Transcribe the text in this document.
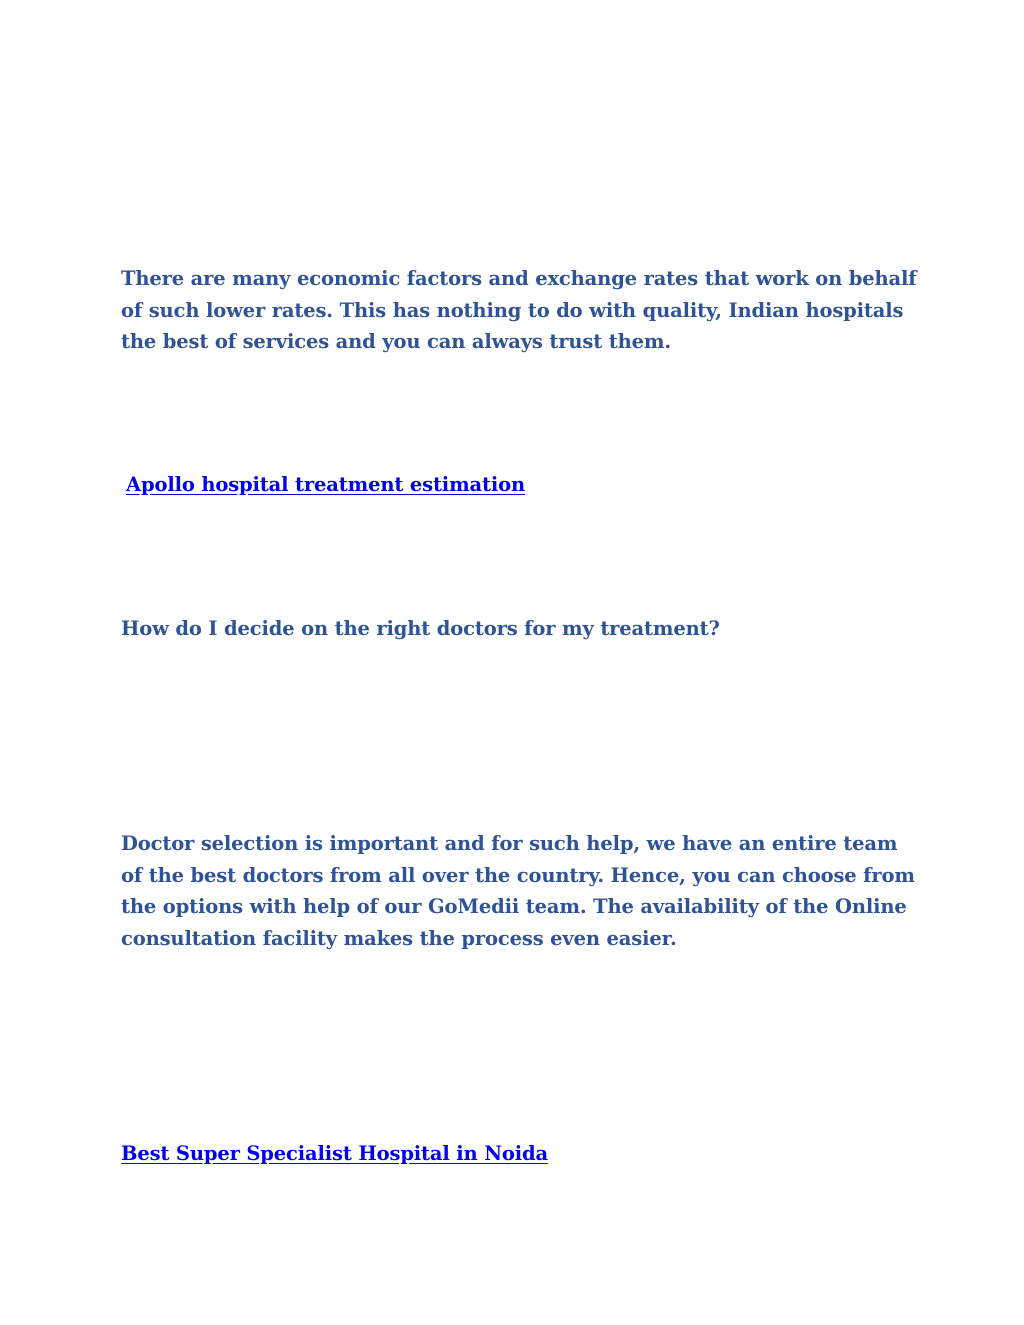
There are many economic factors and exchange rates that work on behalf of such lower rates. This has nothing to do with quality, Indian hospitals the best of services and you can always trust them.

Apollo hospital treatment estimation

How do I decide on the right doctors for my treatment?

Doctor selection is important and for such help, we have an entire team of the best doctors from all over the country. Hence, you can choose from the options with help of our GoMedii team. The availability of the Online consultation facility makes the process even easier.

Best Super Specialist Hospital in Noida
